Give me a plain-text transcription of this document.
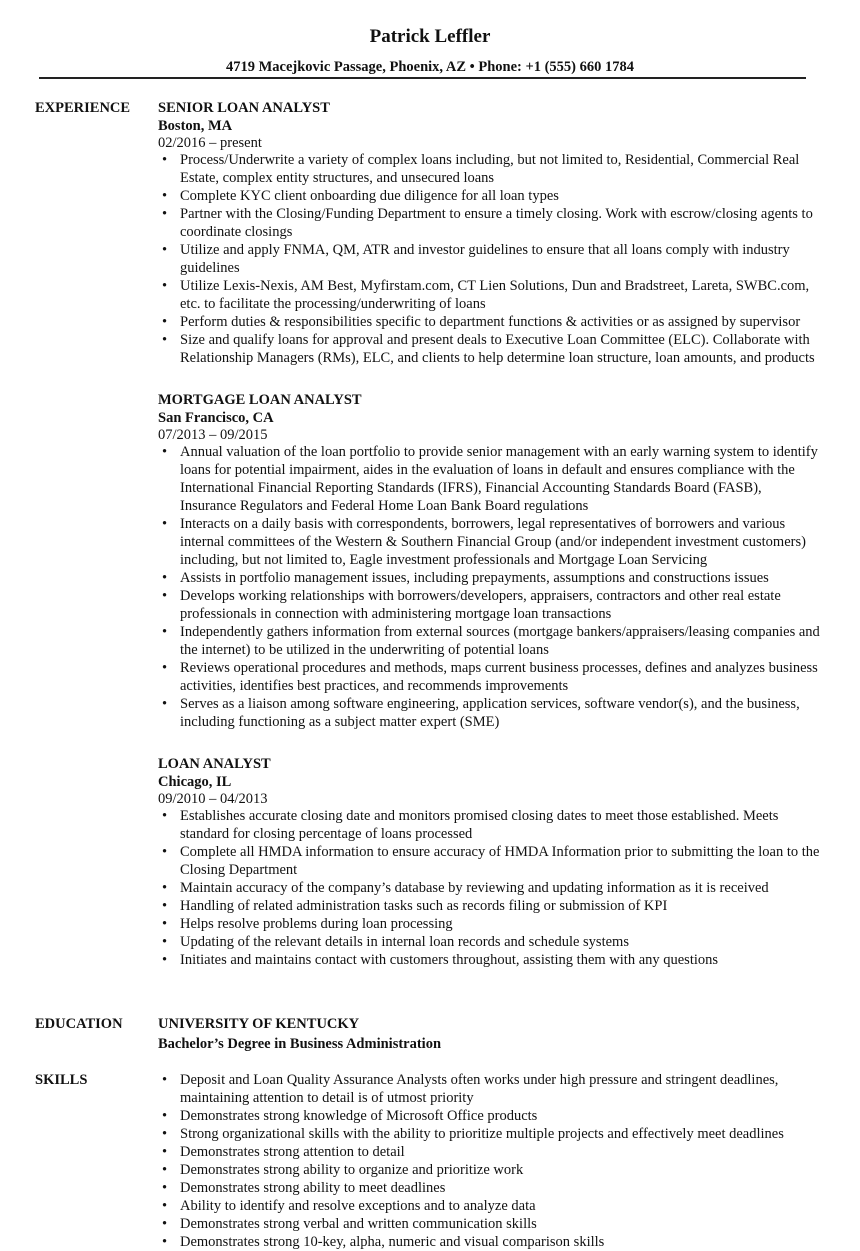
Patrick Leffler
4719 Macejkovic Passage, Phoenix, AZ • Phone: +1 (555) 660 1784
EXPERIENCE SENIOR LOAN ANALYST
Boston, MA
02/2016 – present
• Process/Underwrite a variety of complex loans including, but not limited to, Residential, Commercial Real Estate, complex entity structures, and unsecured loans
• Complete KYC client onboarding due diligence for all loan types
• Partner with the Closing/Funding Department to ensure a timely closing. Work with escrow/closing agents to coordinate closings
• Utilize and apply FNMA, QM, ATR and investor guidelines to ensure that all loans comply with industry guidelines
• Utilize Lexis-Nexis, AM Best, Myfirstam.com, CT Lien Solutions, Dun and Bradstreet, Lareta, SWBC.com, etc. to facilitate the processing/underwriting of loans
• Perform duties & responsibilities specific to department functions & activities or as assigned by supervisor
• Size and qualify loans for approval and present deals to Executive Loan Committee (ELC). Collaborate with Relationship Managers (RMs), ELC, and clients to help determine loan structure, loan amounts, and products
MORTGAGE LOAN ANALYST
San Francisco, CA
07/2013 – 09/2015
• Annual valuation of the loan portfolio to provide senior management with an early warning system to identify loans for potential impairment, aides in the evaluation of loans in default and ensures compliance with the International Financial Reporting Standards (IFRS), Financial Accounting Standards Board (FASB), Insurance Regulators and Federal Home Loan Bank Board regulations
• Interacts on a daily basis with correspondents, borrowers, legal representatives of borrowers and various internal committees of the Western & Southern Financial Group (and/or independent investment customers) including, but not limited to, Eagle investment professionals and Mortgage Loan Servicing
• Assists in portfolio management issues, including prepayments, assumptions and constructions issues
• Develops working relationships with borrowers/developers, appraisers, contractors and other real estate professionals in connection with administering mortgage loan transactions
• Independently gathers information from external sources (mortgage bankers/appraisers/leasing companies and the internet) to be utilized in the underwriting of potential loans
• Reviews operational procedures and methods, maps current business processes, defines and analyzes business activities, identifies best practices, and recommends improvements
• Serves as a liaison among software engineering, application services, software vendor(s), and the business, including functioning as a subject matter expert (SME)
LOAN ANALYST
Chicago, IL
09/2010 – 04/2013
• Establishes accurate closing date and monitors promised closing dates to meet those established. Meets standard for closing percentage of loans processed
• Complete all HMDA information to ensure accuracy of HMDA Information prior to submitting the loan to the Closing Department
• Maintain accuracy of the company’s database by reviewing and updating information as it is received
• Handling of related administration tasks such as records filing or submission of KPI
• Helps resolve problems during loan processing
• Updating of the relevant details in internal loan records and schedule systems
• Initiates and maintains contact with customers throughout, assisting them with any questions
EDUCATION UNIVERSITY OF KENTUCKY
Bachelor’s Degree in Business Administration
SKILLS
•	Deposit and Loan Quality Assurance Analysts often works under high pressure and stringent deadlines, maintaining attention to detail is of utmost priority
• Demonstrates strong knowledge of Microsoft Office products
• Strong organizational skills with the ability to prioritize multiple projects and effectively meet deadlines
• Demonstrates strong attention to detail
• Demonstrates strong ability to organize and prioritize work
• Demonstrates strong ability to meet deadlines
• Ability to identify and resolve exceptions and to analyze data
• Demonstrates strong verbal and written communication skills
• Demonstrates strong 10-key, alpha, numeric and visual comparison skills
